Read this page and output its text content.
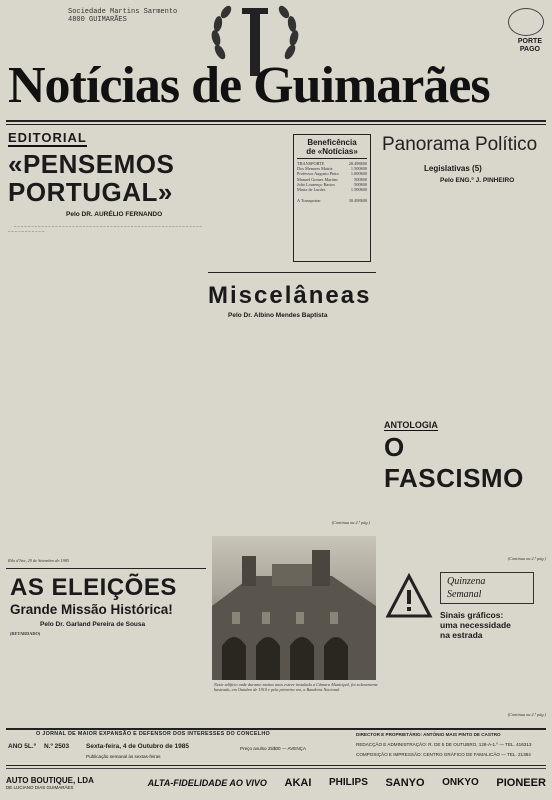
Sociedade Martins Sarmento
4800 GUIMARÃES
Notícias de Guimarães
PORTE
PAGO
EDITORIAL
«PENSEMOS
PORTUGAL»
Pelo DR. AURÉLIO FERNANDO

~ ~ ~ ~ ~ ~ ~ ~ ~ ~ ~ ~ ~ ~ ~ ~ ~ ~ ~ ~ ~ ~ ~ ~ ~ ~ ~ ~ ~ ~ ~ ~ ~ ~ ~ ~ ~ ~ ~ ~ ~ ~ ~ ~ ~ ~ ~ ~ ~ ~ ~ ~ ~ ~ ~ ~ ~ ~ ~ ~ ~ ~ ~ ~ ~ ~

Rilo d'Ave, 29 de Setembro de 1985
Beneficência
de «Notícias»
TRANSPORTE	28.498$00
Dos Menores Matriz	1.500$00
Professor Augusto Pinto	1.000$00
Manuel Gomes Martins	500$00
João Lourenço Bastos	500$00
Maria de Lurdes	1.500$00
A Transportar	30.498$00
Panorama Político
Legislativas (5)
Pelo ENG.º J. PINHEIRO
Miscelâneas
Pelo Dr. Albino Mendes Baptista
(Continua na 2.ª pág.)
ANTOLOGIA
O FASCISMO
(Continua na 2.ª pág.)
AS ELEIÇÕES
Grande Missão Histórica!
Pelo Dr. Garland Pereira de Sousa
(RETARDADO)
Neste edifício onde durante muitos anos esteve instalada a Câmara Municipal, foi solenemente hasteada, em Outubro de 1910 e pela primeira vez, a Bandeira Nacional
Quinzena
Semanal
Sinais gráficos:
uma necessidade
na estrada
(Continua na 2.ª pág.)
O JORNAL DE MAIOR EXPANSÃO E DEFENSOR DOS INTERESSES DO CONCELHO
ANO 5L.º N.º 2503	Sexta-feira, 4 de Outubro de 1985
Publicação semanal às sextas-feiras
Preço avulso 25$00 — AVENÇA
DIRECTOR E PROPRIETÁRIO: ANTÓNIO MAIS PINTO DE CASTRO
REDACÇÃO E ADMINISTRAÇÃO: R. DE 5 DE OUTUBRO, 128-A-1.º — TEL. 416313
COMPOSIÇÃO E IMPRESSÃO: CENTRO GRÁFICO DE FAMALICÃO — TEL. 21384
AUTO BOUTIQUE, LDA
DE LUCIANO DIAS GUIMARÃES	ALTA-FIDELIDADE AO VIVO AKAI PHILIPS SANYO ONKYO PIONEER
